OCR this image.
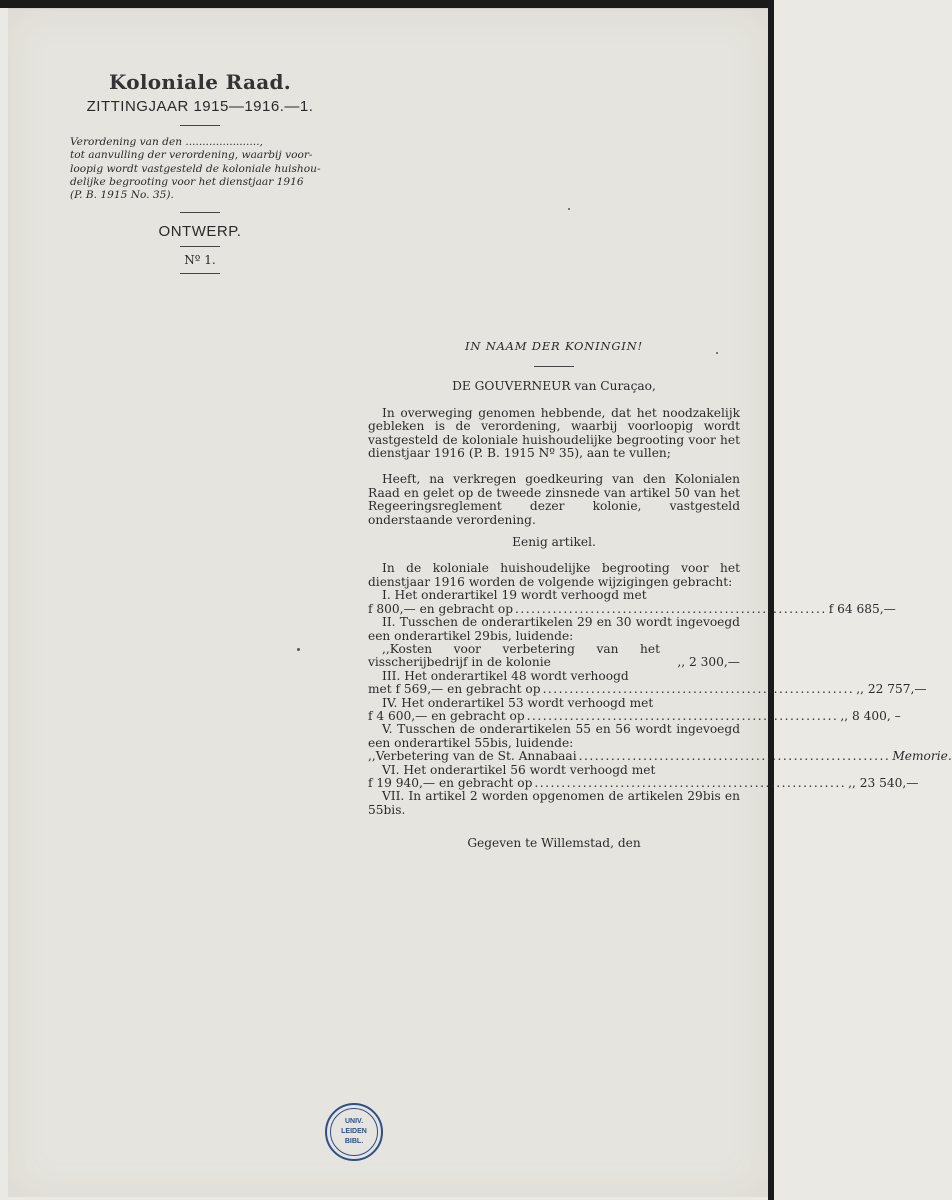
Koloniale Raad.
ZITTINGJAAR 1915—1916.—1.
Verordening van den ......................,
tot aanvulling der verordening, waarbij voor-
loopig wordt vastgesteld de koloniale huishou-
delijke begrooting voor het dienstjaar 1916
(P. B. 1915 No. 35).
ONTWERP.
Nº 1.

IN NAAM DER KONINGIN!

DE GOUVERNEUR van Curaçao,

In overweging genomen hebbende, dat het noodzakelijk gebleken is de verordening, waarbij voorloopig wordt vastgesteld de koloniale huishoudelijke begrooting voor het dienstjaar 1916 (P. B. 1915 Nº 35), aan te vullen;

Heeft, na verkregen goedkeuring van den Kolonialen Raad en gelet op de tweede zinsnede van artikel 50 van het Regeeringsreglement dezer kolonie, vastgesteld onderstaande verordening.

Eenig artikel.

In de koloniale huishoudelijke begrooting voor het dienstjaar 1916 worden de volgende wijzigingen gebracht:

I. Het onderartikel 19 wordt verhoogd met

f 800,— en gebracht op .......................................................... f 64 685,—

II. Tusschen de onderartikelen 29 en 30 wordt ingevoegd een onderartikel 29bis, luidende:

,,Kosten voor verbetering van het visscherijbedrijf in de kolonie	,, 2 300,—

III. Het onderartikel 48 wordt verhoogd

met f 569,— en gebracht op .......................................................... ,, 22 757,—

IV. Het onderartikel 53 wordt verhoogd met

f 4 600,— en gebracht op .......................................................... ,, 8 400, –

V. Tusschen de onderartikelen 55 en 56 wordt ingevoegd een onderartikel 55bis, luidende:

,,Verbetering van de St. Annabaai .......................................................... Memorie.

VI. Het onderartikel 56 wordt verhoogd met

f 19 940,— en gebracht op .......................................................... ,, 23 540,—

VII. In artikel 2 worden opgenomen de artikelen 29bis en 55bis.

Gegeven te Willemstad, den

UNIV.
LEIDEN
BIBL.
